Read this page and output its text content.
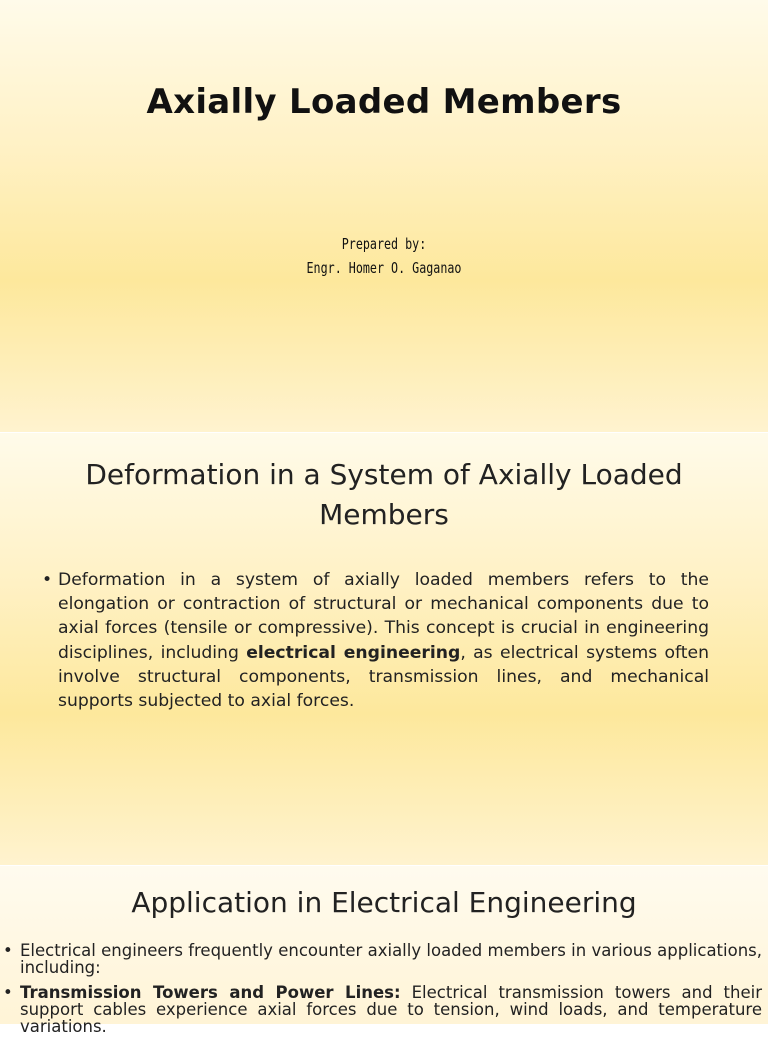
Axially Loaded Members
Prepared by:
Engr. Homer O. Gaganao
Deformation in a System of Axially Loaded Members
• Deformation in a system of axially loaded members refers to the elongation or contraction of structural or mechanical components due to axial forces (tensile or compressive). This concept is crucial in engineering disciplines, including electrical engineering, as electrical systems often involve structural components, transmission lines, and mechanical supports subjected to axial forces.
Application in Electrical Engineering
• Electrical engineers frequently encounter axially loaded members in various applications, including:
• Transmission Towers and Power Lines: Electrical transmission towers and their support cables experience axial forces due to tension, wind loads, and temperature variations.
